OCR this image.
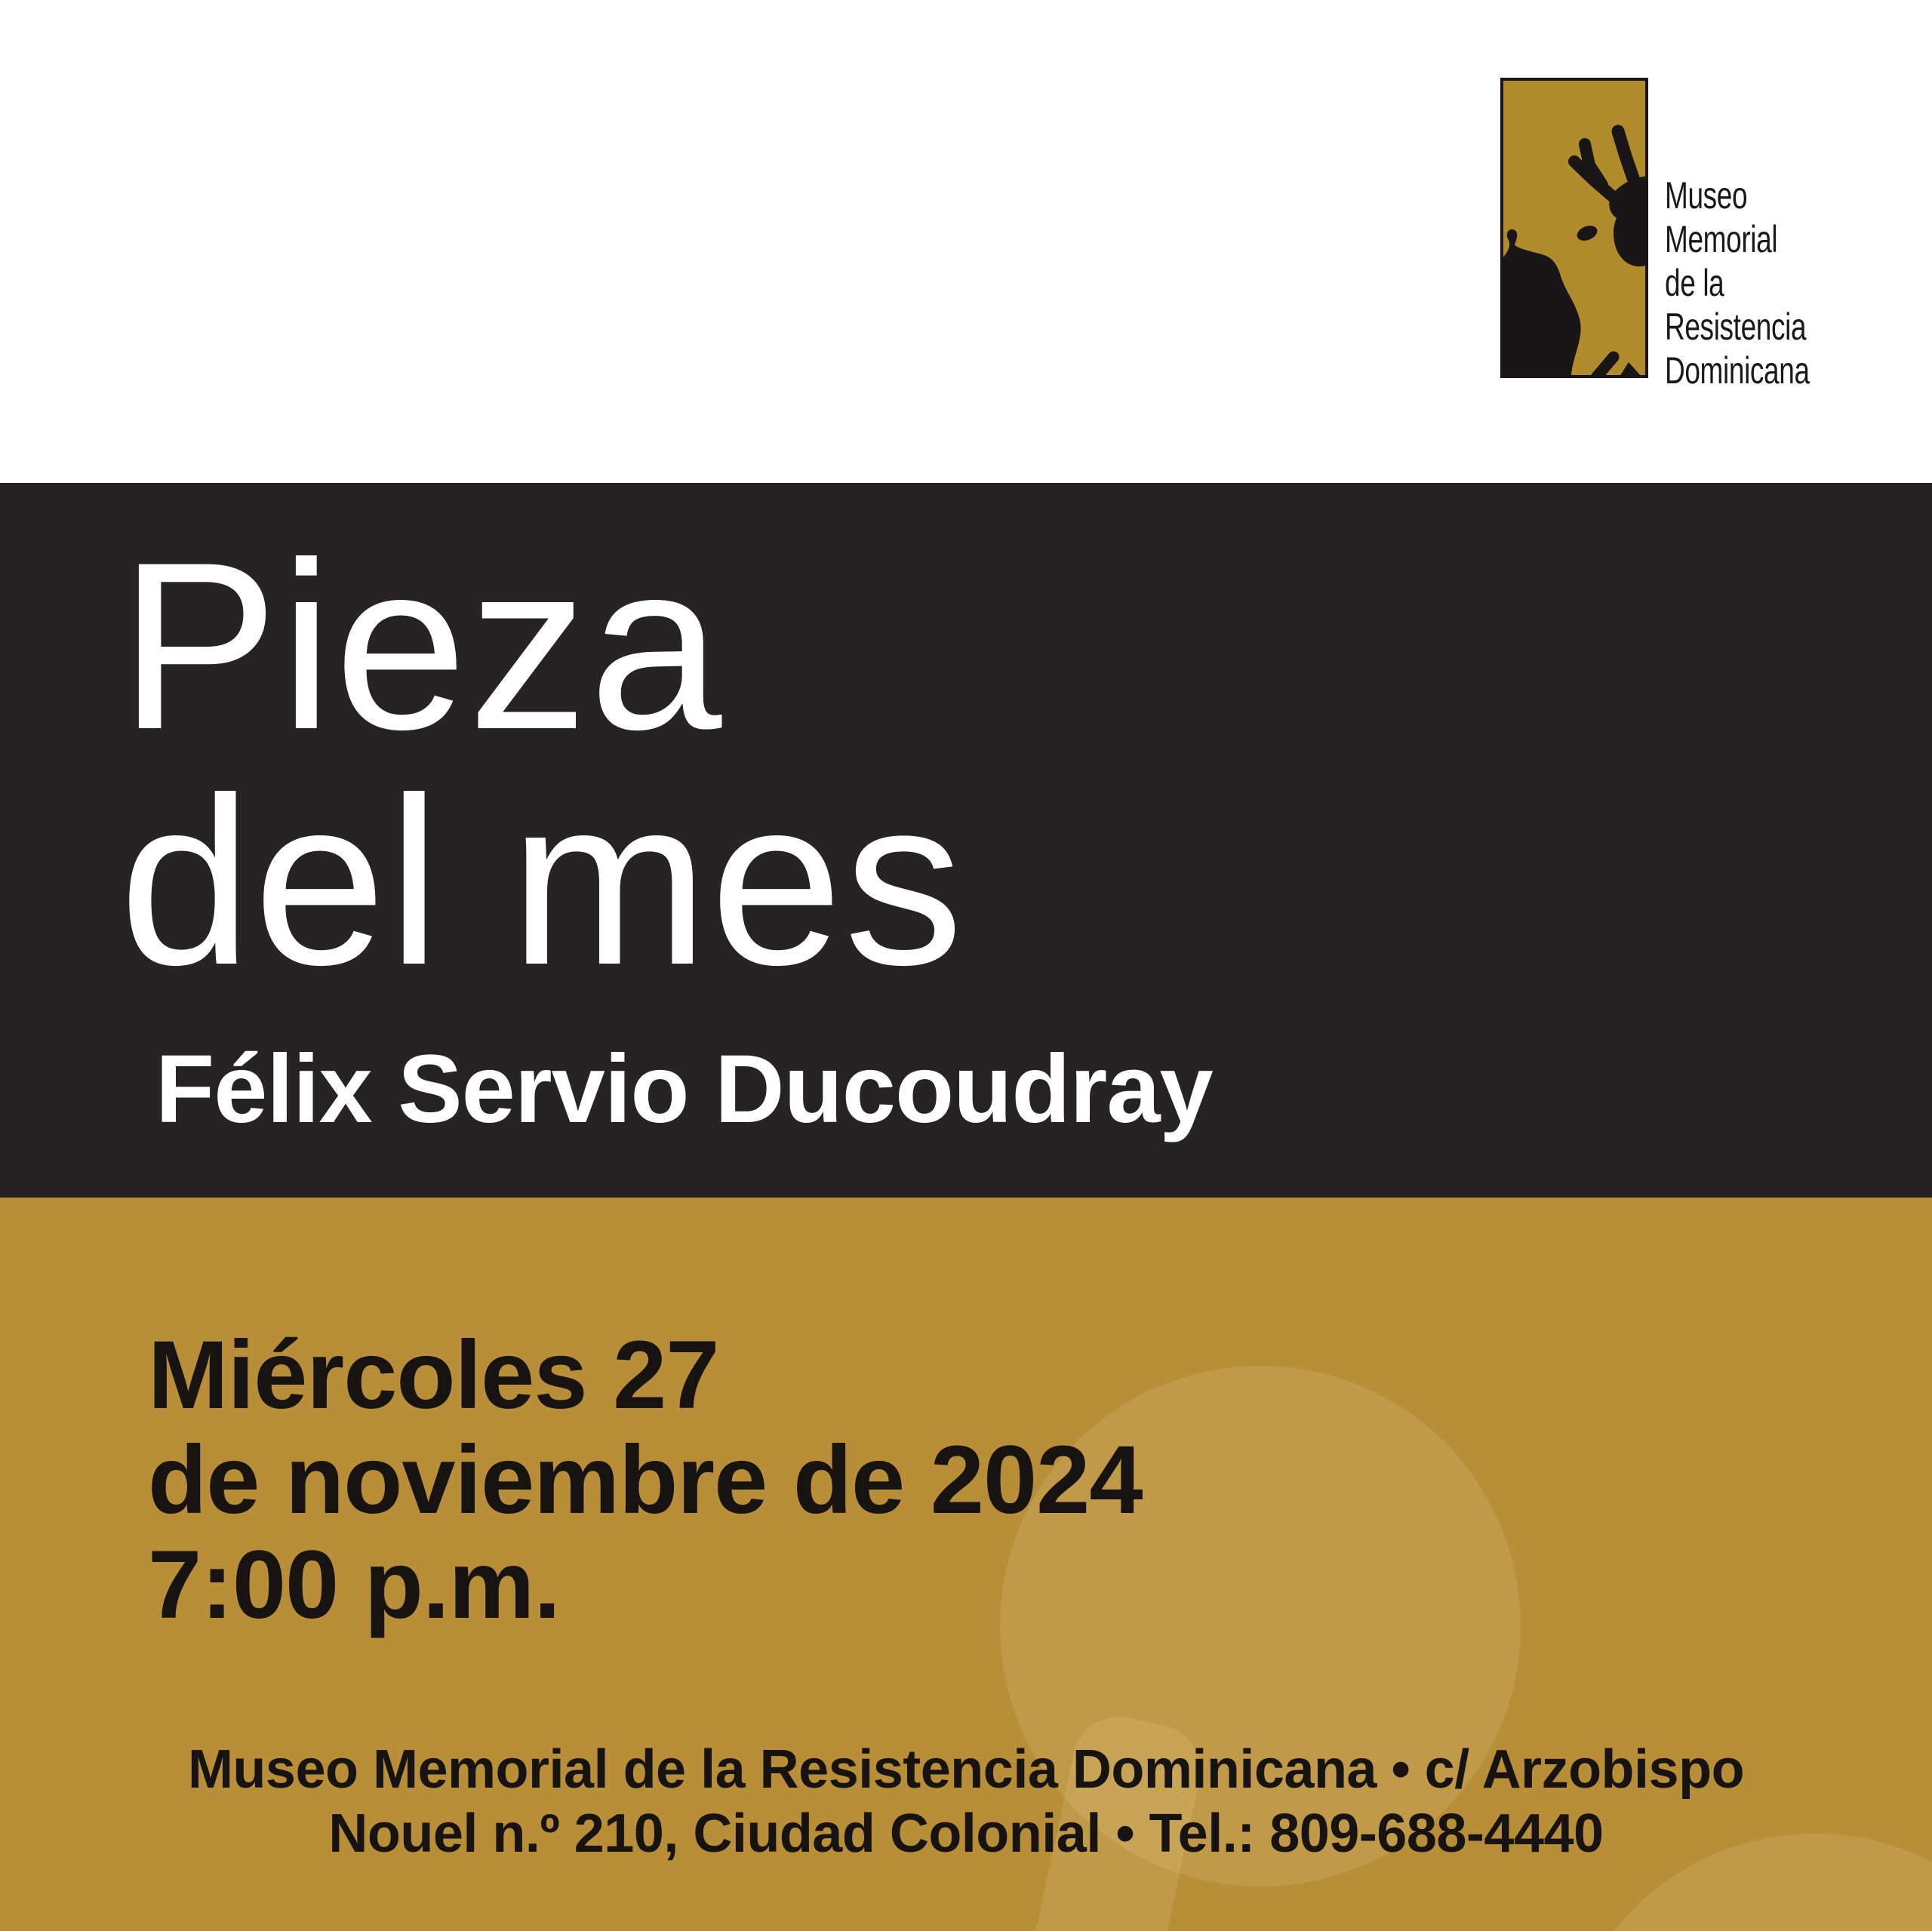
Museo
Memorial
de la
Resistencia
Dominicana
Pieza
del mes
Félix Servio Ducoudray
Miércoles 27
de noviembre de 2024
7:00 p.m.
Museo Memorial de la Resistencia Dominicana • c/ Arzobispo
Nouel n.º 210, Ciudad Colonial • Tel.: 809-688-4440
